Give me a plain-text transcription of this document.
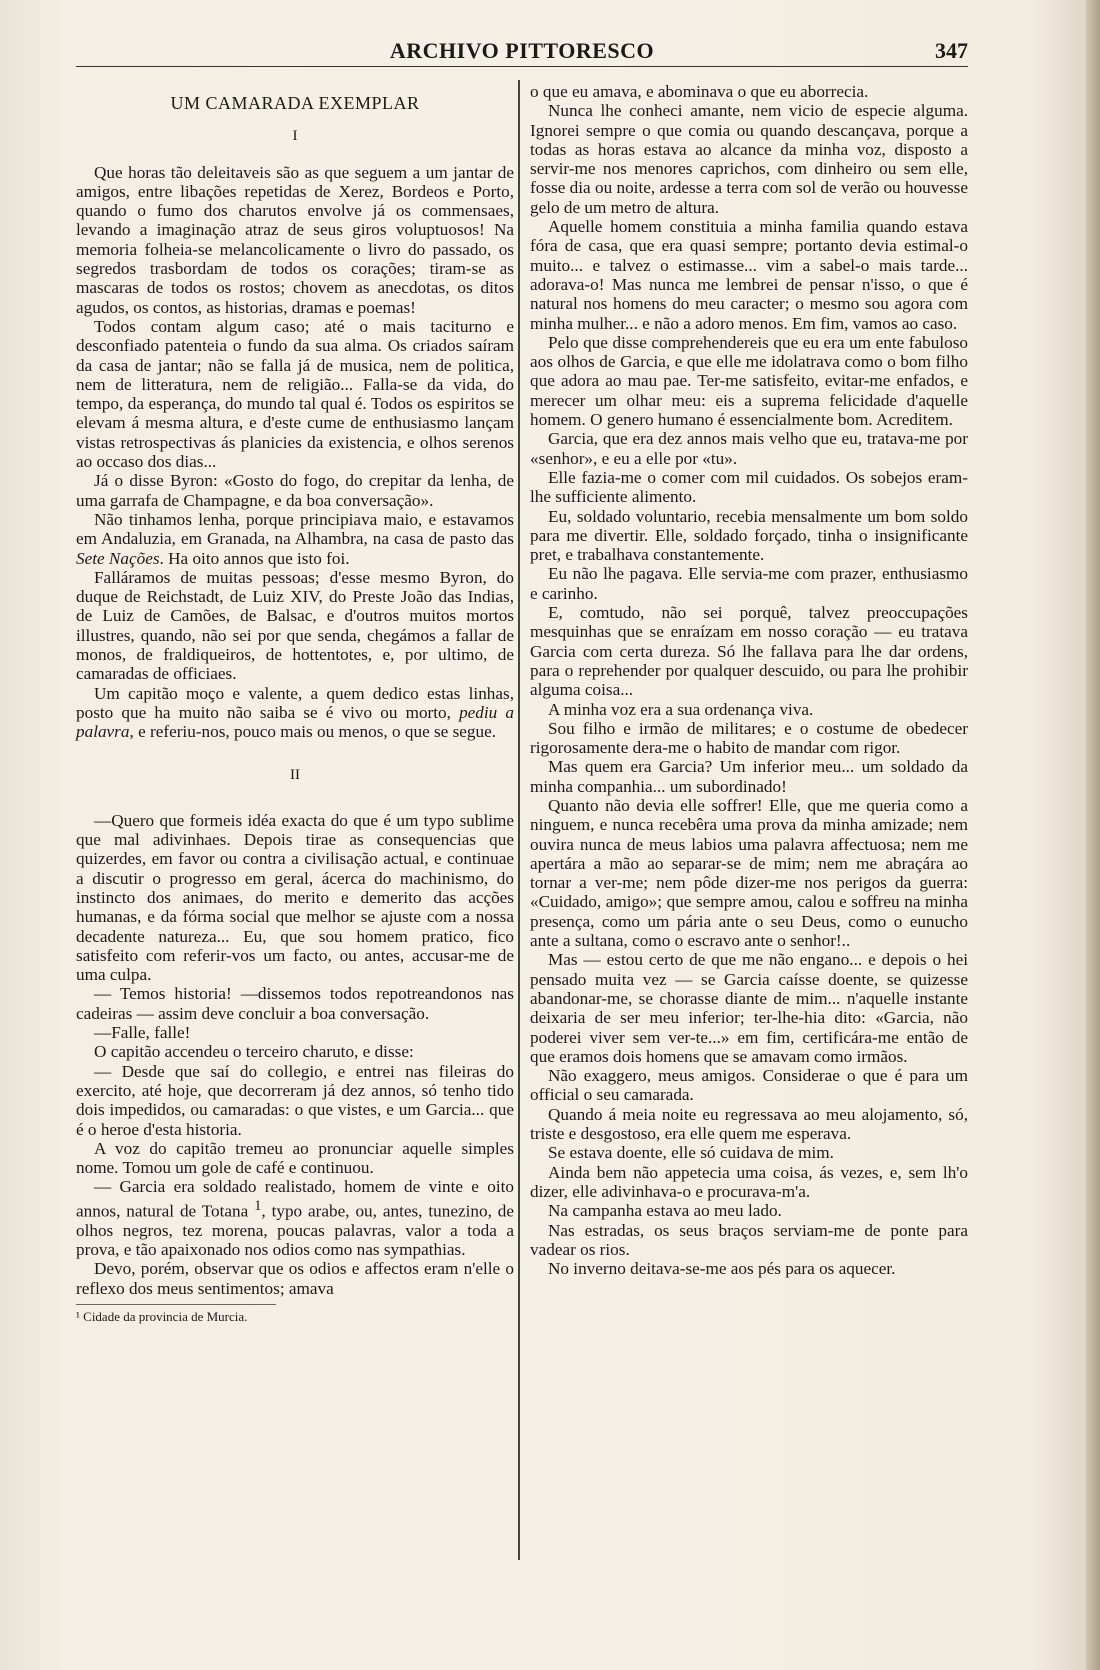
ARCHIVO PITTORESCO	347

UM CAMARADA EXEMPLAR

I

Que horas tão deleitaveis são as que seguem a um jantar de amigos, entre libações repetidas de Xerez, Bordeos e Porto, quando o fumo dos charutos envolve já os commensaes, levando a imaginação atraz de seus giros voluptuosos! Na memoria folheia-se melancolicamente o livro do passado, os segredos trasbordam de todos os corações; tiram-se as mascaras de todos os rostos; chovem as anecdotas, os ditos agudos, os contos, as historias, dramas e poemas!

Todos contam algum caso; até o mais taciturno e desconfiado patenteia o fundo da sua alma. Os criados saíram da casa de jantar; não se falla já de musica, nem de politica, nem de litteratura, nem de religião... Falla-se da vida, do tempo, da esperança, do mundo tal qual é. Todos os espiritos se elevam á mesma altura, e d'este cume de enthusiasmo lançam vistas retrospectivas ás planicies da existencia, e olhos serenos ao occaso dos dias...

Já o disse Byron: «Gosto do fogo, do crepitar da lenha, de uma garrafa de Champagne, e da boa conversação».

Não tinhamos lenha, porque principiava maio, e estavamos em Andaluzia, em Granada, na Alhambra, na casa de pasto das Sete Nações. Ha oito annos que isto foi.

Falláramos de muitas pessoas; d'esse mesmo Byron, do duque de Reichstadt, de Luiz XIV, do Preste João das Indias, de Luiz de Camões, de Balsac, e d'outros muitos mortos illustres, quando, não sei por que senda, chegámos a fallar de monos, de fraldiqueiros, de hottentotes, e, por ultimo, de camaradas de officiaes.

Um capitão moço e valente, a quem dedico estas linhas, posto que ha muito não saiba se é vivo ou morto, pediu a palavra, e referiu-nos, pouco mais ou menos, o que se segue.

II

—Quero que formeis idéa exacta do que é um typo sublime que mal adivinhaes. Depois tirae as consequencias que quizerdes, em favor ou contra a civilisação actual, e continuae a discutir o progresso em geral, ácerca do machinismo, do instincto dos animaes, do merito e demerito das acções humanas, e da fórma social que melhor se ajuste com a nossa decadente natureza... Eu, que sou homem pratico, fico satisfeito com referir-vos um facto, ou antes, accusar-me de uma culpa.

— Temos historia! —dissemos todos repotreandonos nas cadeiras — assim deve concluir a boa conversação.

—Falle, falle!

O capitão accendeu o terceiro charuto, e disse:

— Desde que saí do collegio, e entrei nas fileiras do exercito, até hoje, que decorreram já dez annos, só tenho tido dois impedidos, ou camaradas: o que vistes, e um Garcia... que é o heroe d'esta historia.

A voz do capitão tremeu ao pronunciar aquelle simples nome. Tomou um gole de café e continuou.

— Garcia era soldado realistado, homem de vinte e oito annos, natural de Totana $^1$, typo arabe, ou, antes, tunezino, de olhos negros, tez morena, poucas palavras, valor a toda a prova, e tão apaixonado nos odios como nas sympathias.

Devo, porém, observar que os odios e affectos eram n'elle o reflexo dos meus sentimentos; amava

¹ Cidade da provincia de Murcia.

o que eu amava, e abominava o que eu aborrecia.

Nunca lhe conheci amante, nem vicio de especie alguma. Ignorei sempre o que comia ou quando descançava, porque a todas as horas estava ao alcance da minha voz, disposto a servir-me nos menores caprichos, com dinheiro ou sem elle, fosse dia ou noite, ardesse a terra com sol de verão ou houvesse gelo de um metro de altura.

Aquelle homem constituia a minha familia quando estava fóra de casa, que era quasi sempre; portanto devia estimal-o muito... e talvez o estimasse... vim a sabel-o mais tarde... adorava-o! Mas nunca me lembrei de pensar n'isso, o que é natural nos homens do meu caracter; o mesmo sou agora com minha mulher... e não a adoro menos. Em fim, vamos ao caso.

Pelo que disse comprehendereis que eu era um ente fabuloso aos olhos de Garcia, e que elle me idolatrava como o bom filho que adora ao mau pae. Ter-me satisfeito, evitar-me enfados, e merecer um olhar meu: eis a suprema felicidade d'aquelle homem. O genero humano é essencialmente bom. Acreditem.

Garcia, que era dez annos mais velho que eu, tratava-me por «senhor», e eu a elle por «tu».

Elle fazia-me o comer com mil cuidados. Os sobejos eram-lhe sufficiente alimento.

Eu, soldado voluntario, recebia mensalmente um bom soldo para me divertir. Elle, soldado forçado, tinha o insignificante pret, e trabalhava constantemente.

Eu não lhe pagava. Elle servia-me com prazer, enthusiasmo e carinho.

E, comtudo, não sei porquê, talvez preoccupações mesquinhas que se enraízam em nosso coração — eu tratava Garcia com certa dureza. Só lhe fallava para lhe dar ordens, para o reprehender por qualquer descuido, ou para lhe prohibir alguma coisa...

A minha voz era a sua ordenança viva.

Sou filho e irmão de militares; e o costume de obedecer rigorosamente dera-me o habito de mandar com rigor.

Mas quem era Garcia? Um inferior meu... um soldado da minha companhia... um subordinado!

Quanto não devia elle soffrer! Elle, que me queria como a ninguem, e nunca recebêra uma prova da minha amizade; nem ouvira nunca de meus labios uma palavra affectuosa; nem me apertára a mão ao separar-se de mim; nem me abraçára ao tornar a ver-me; nem pôde dizer-me nos perigos da guerra: «Cuidado, amigo»; que sempre amou, calou e soffreu na minha presença, como um pária ante o seu Deus, como o eunucho ante a sultana, como o escravo ante o senhor!..

Mas — estou certo de que me não engano... e depois o hei pensado muita vez — se Garcia caísse doente, se quizesse abandonar-me, se chorasse diante de mim... n'aquelle instante deixaria de ser meu inferior; ter-lhe-hia dito: «Garcia, não poderei viver sem ver-te...» em fim, certificára-me então de que eramos dois homens que se amavam como irmãos.

Não exaggero, meus amigos. Considerae o que é para um official o seu camarada.

Quando á meia noite eu regressava ao meu alojamento, só, triste e desgostoso, era elle quem me esperava.

Se estava doente, elle só cuidava de mim.

Ainda bem não appetecia uma coisa, ás vezes, e, sem lh'o dizer, elle adivinhava-o e procurava-m'a.

Na campanha estava ao meu lado.

Nas estradas, os seus braços serviam-me de ponte para vadear os rios.

No inverno deitava-se-me aos pés para os aquecer.
